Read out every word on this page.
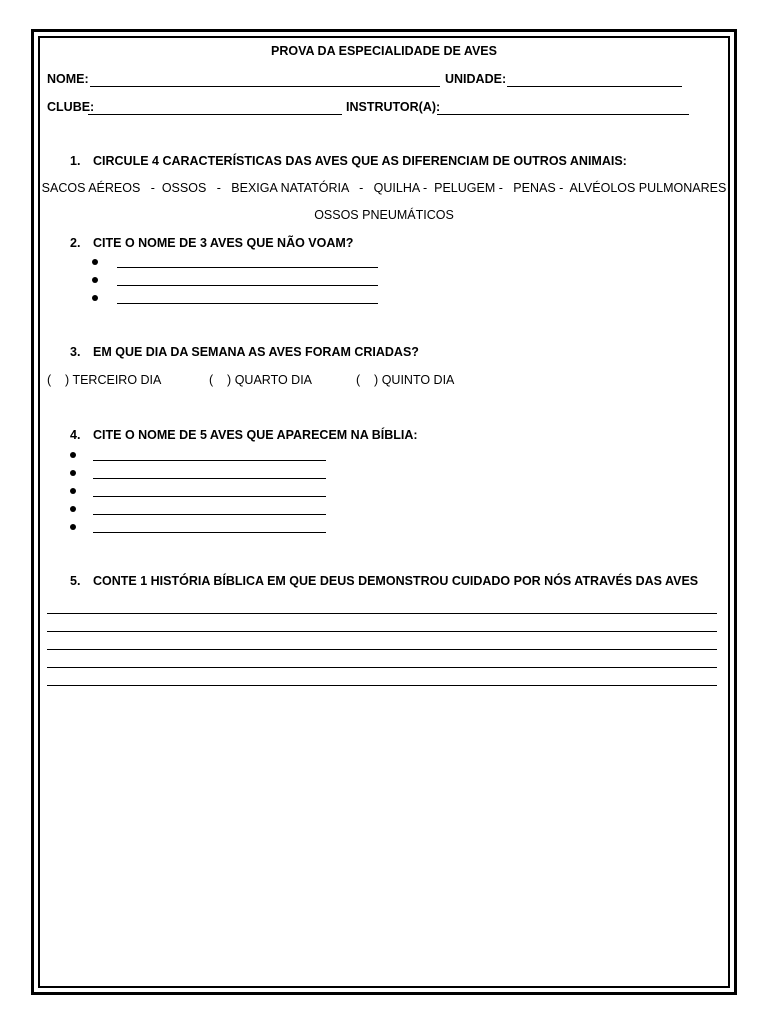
PROVA DA ESPECIALIDADE DE AVES
NOME:	UNIDADE:
CLUBE:	INSTRUTOR(A):
1. CIRCULE 4 CARACTERÍSTICAS DAS AVES QUE AS DIFERENCIAM DE OUTROS ANIMAIS:
SACOS AÉREOS   -  OSSOS   -   BEXIGA NATATÓRIA   -   QUILHA -  PELUGEM -   PENAS -  ALVÉOLOS PULMONARES
OSSOS PNEUMÁTICOS
2. CITE O NOME DE 3 AVES QUE NÃO VOAM?
3. EM QUE DIA DA SEMANA AS AVES FORAM CRIADAS?
(    ) TERCEIRO DIA	(    ) QUARTO DIA	(    ) QUINTO DIA
4. CITE O NOME DE 5 AVES QUE APARECEM NA BÍBLIA:
5. CONTE 1 HISTÓRIA BÍBLICA EM QUE DEUS DEMONSTROU CUIDADO POR NÓS ATRAVÉS DAS AVES
